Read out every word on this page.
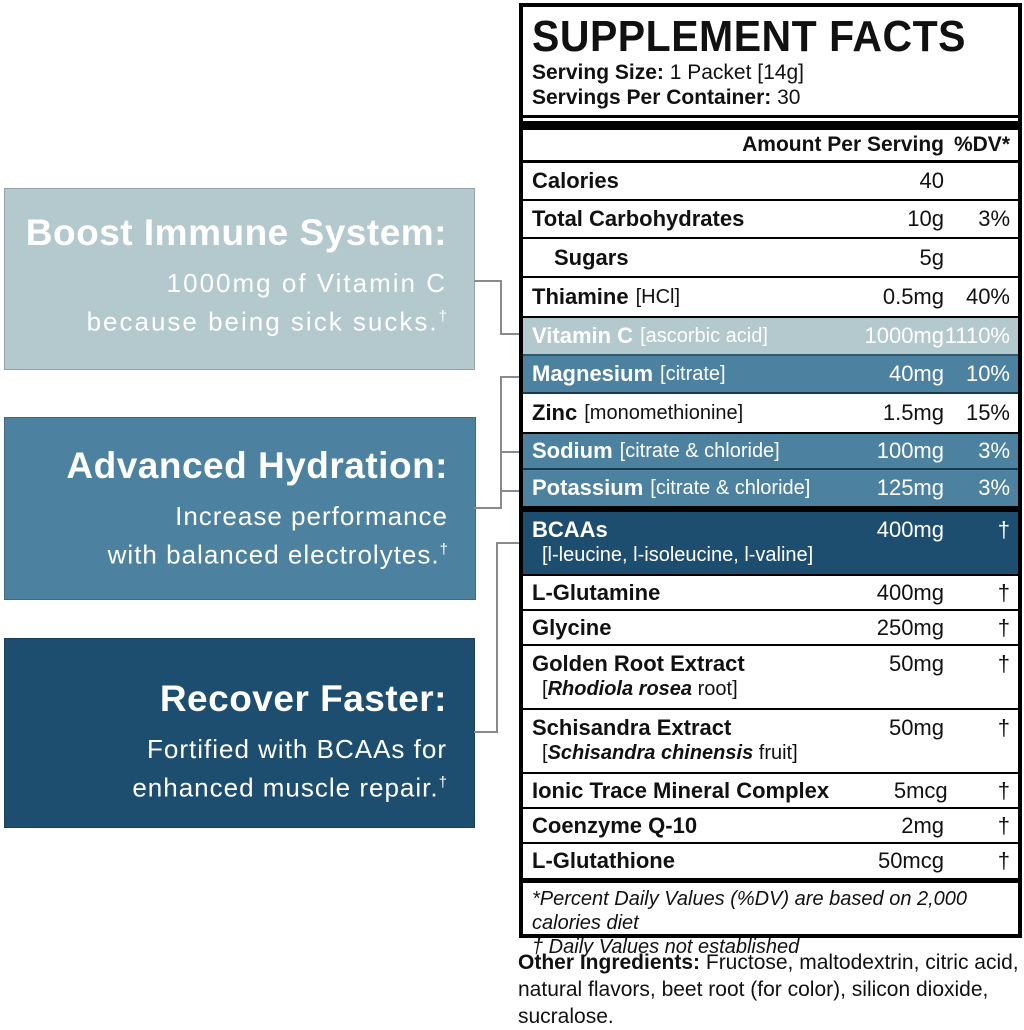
Boost Immune System:
1000mg of Vitamin C
because being sick sucks.†
Advanced Hydration:
Increase performance
with balanced electrolytes.†
Recover Faster:
Fortified with BCAAs for
enhanced muscle repair.†
SUPPLEMENT FACTS
Serving Size: 1 Packet [14g]
Servings Per Container: 30
Amount Per Serving %DV*
Calories	40
Total Carbohydrates	10g	3%
Sugars	5g
Thiamine [HCl]	0.5mg 40%
Vitamin C [ascorbic acid]	1000mg 1110%
Magnesium [citrate]	40mg 10%
Zinc [monomethionine]	1.5mg 15%
Sodium [citrate & chloride]	100mg	3%
Potassium [citrate & chloride]	125mg	3%
BCAAs	400mg	†
[l-leucine, l-isoleucine, l-valine]
L-Glutamine	400mg	†
Glycine	250mg	†
Golden Root Extract	50mg	†
[Rhodiola rosea root]
Schisandra Extract	50mg	†
[Schisandra chinensis fruit]
Ionic Trace Mineral Complex	5mcg	†
Coenzyme Q-10	2mg	†
L-Glutathione	50mcg	†
*Percent Daily Values (%DV) are based on 2,000 calories diet
† Daily Values not established
Other Ingredients: Fructose, maltodextrin, citric acid, natural flavors, beet root (for color), silicon dioxide, sucralose.
